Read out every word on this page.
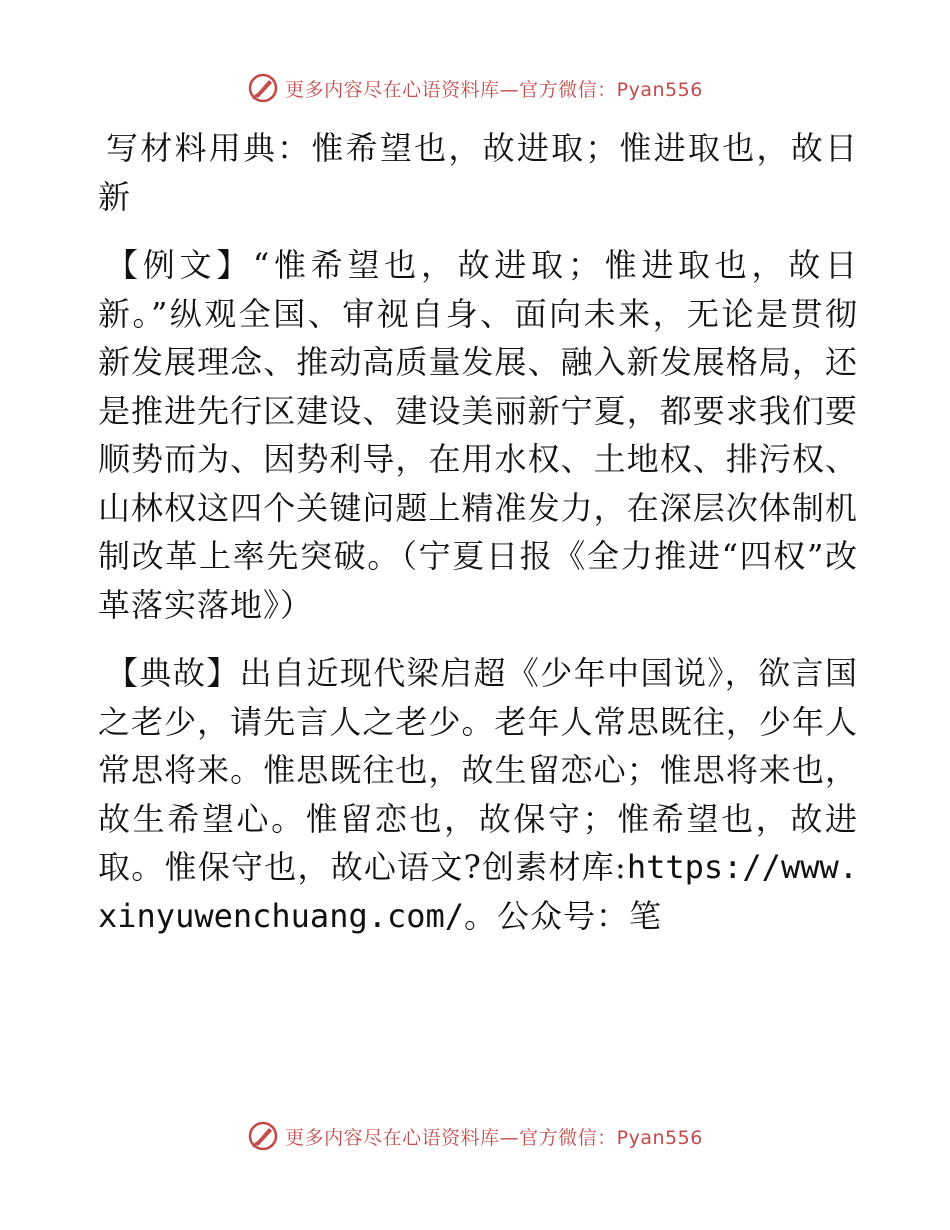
更多内容尽在心语资料库—官方微信：Pyan556

写材料用典：惟希望也，故进取；惟进取也，故日新

【例文】“惟希望也，故进取；惟进取也，故日新。”纵观全国、审视自身、面向未来，无论是贯彻新发展理念、推动高质量发展、融入新发展格局，还是推进先行区建设、建设美丽新宁夏，都要求我们要顺势而为、因势利导，在用水权、土地权、排污权、山林权这四个关键问题上精准发力，在深层次体制机制改革上率先突破。（宁夏日报《全力推进“四权”改革落实落地》）

【典故】出自近现代梁启超《少年中国说》，欲言国之老少，请先言人之老少。老年人常思既往，少年人常思将来。惟思既往也，故生留恋心；惟思将来也，故生希望心。惟留恋也，故保守；惟希望也，故进取。惟保守也，故心语文?创素材库:https://www.xinyuwenchuang.com/。公众号：笔

更多内容尽在心语资料库—官方微信：Pyan556
